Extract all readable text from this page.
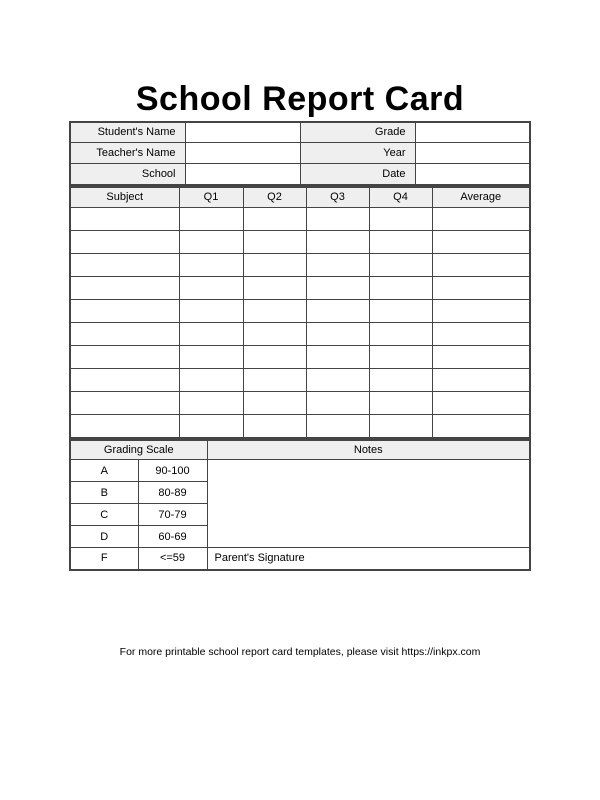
School Report Card
Student's Name		Grade	
Teacher's Name		Year	
School		Date	
Subject	Q1	Q2	Q3	Q4	Average

Grading Scale		Notes
A	90-100	
B	80-89	
C	70-79	
D	60-69	
F	<=59	Parent's Signature
For more printable school report card templates, please visit https://inkpx.com
